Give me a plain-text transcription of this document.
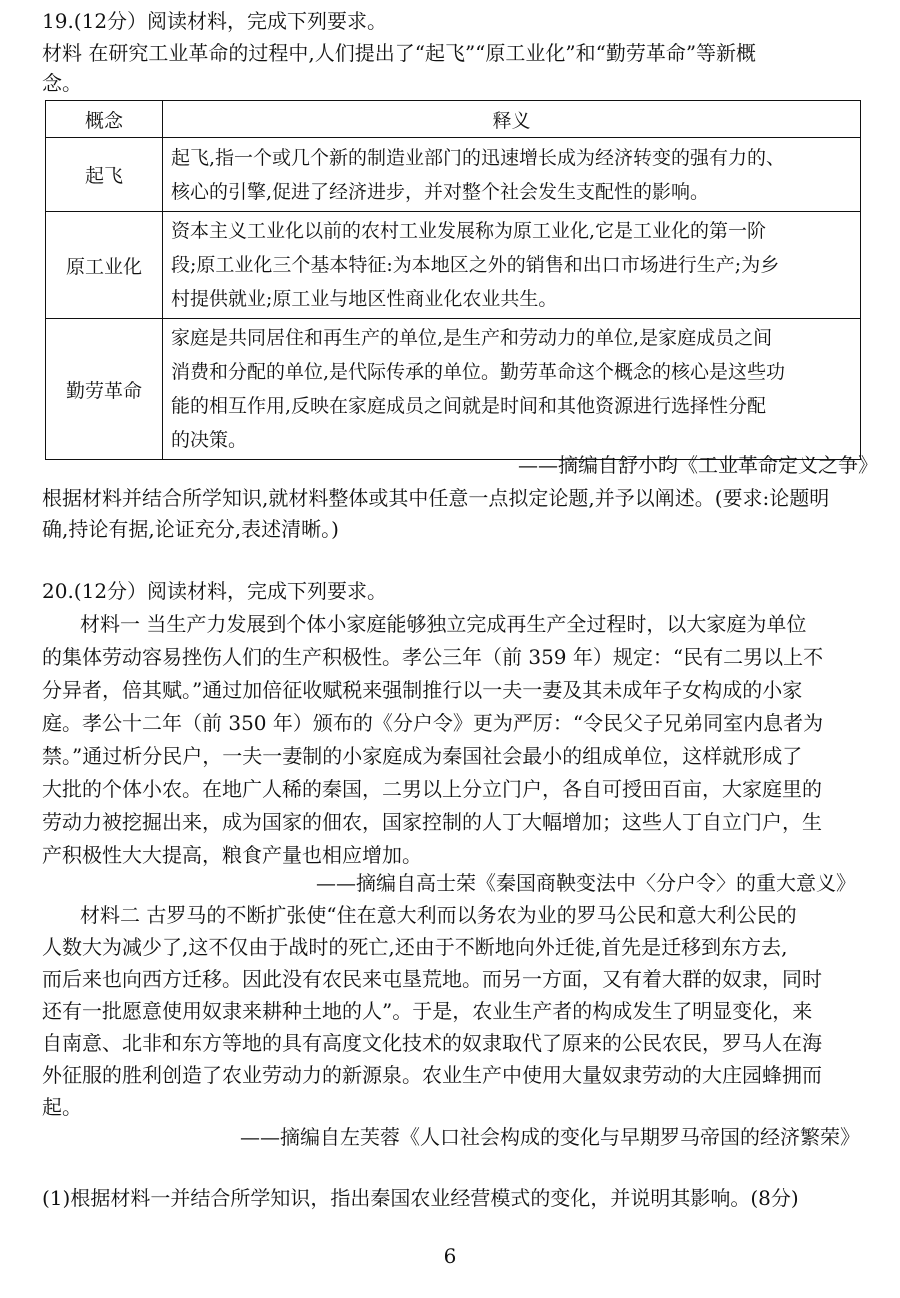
19.(12分）阅读材料，完成下列要求。
材料 在研究工业革命的过程中,人们提出了“起飞”“原工业化”和“勤劳革命”等新概
念。
概念	释义
起飞	起飞,指一个或几个新的制造业部门的迅速增长成为经济转变的强有力的、
核心的引擎,促进了经济进步，并对整个社会发生支配性的影响。

原工业化	资本主义工业化以前的农村工业发展称为原工业化,它是工业化的第一阶
段;原工业化三个基本特征:为本地区之外的销售和出口市场进行生产;为乡
村提供就业;原工业与地区性商业化农业共生。

勤劳革命	家庭是共同居住和再生产的单位,是生产和劳动力的单位,是家庭成员之间
消费和分配的单位,是代际传承的单位。勤劳革命这个概念的核心是这些功
能的相互作用,反映在家庭成员之间就是时间和其他资源进行选择性分配
的决策。
——摘编自舒小昀《工业革命定义之争》
根据材料并结合所学知识,就材料整体或其中任意一点拟定论题,并予以阐述。(要求:论题明
确,持论有据,论证充分,表述清晰。)
20.(12分）阅读材料，完成下列要求。
材料一 当生产力发展到个体小家庭能够独立完成再生产全过程时，以大家庭为单位
的集体劳动容易挫伤人们的生产积极性。孝公三年（前 359 年）规定：“民有二男以上不
分异者，倍其赋。”通过加倍征收赋税来强制推行以一夫一妻及其未成年子女构成的小家
庭。孝公十二年（前 350 年）颁布的《分户令》更为严厉：“令民父子兄弟同室内息者为
禁。”通过析分民户，一夫一妻制的小家庭成为秦国社会最小的组成单位，这样就形成了
大批的个体小农。在地广人稀的秦国，二男以上分立门户，各自可授田百亩，大家庭里的
劳动力被挖掘出来，成为国家的佃农，国家控制的人丁大幅增加；这些人丁自立门户，生
产积极性大大提高，粮食产量也相应增加。
——摘编自高士荣《秦国商鞅变法中〈分户令〉的重大意义》
材料二 古罗马的不断扩张使“住在意大利而以务农为业的罗马公民和意大利公民的
人数大为减少了,这不仅由于战时的死亡,还由于不断地向外迁徙,首先是迁移到东方去,
而后来也向西方迁移。因此没有农民来屯垦荒地。而另一方面，又有着大群的奴隶，同时
还有一批愿意使用奴隶来耕种土地的人”。于是，农业生产者的构成发生了明显变化，来
自南意、北非和东方等地的具有高度文化技术的奴隶取代了原来的公民农民，罗马人在海
外征服的胜利创造了农业劳动力的新源泉。农业生产中使用大量奴隶劳动的大庄园蜂拥而
起。
——摘编自左芙蓉《人口社会构成的变化与早期罗马帝国的经济繁荣》
(1)根据材料一并结合所学知识，指出秦国农业经营模式的变化，并说明其影响。(8分)
6
